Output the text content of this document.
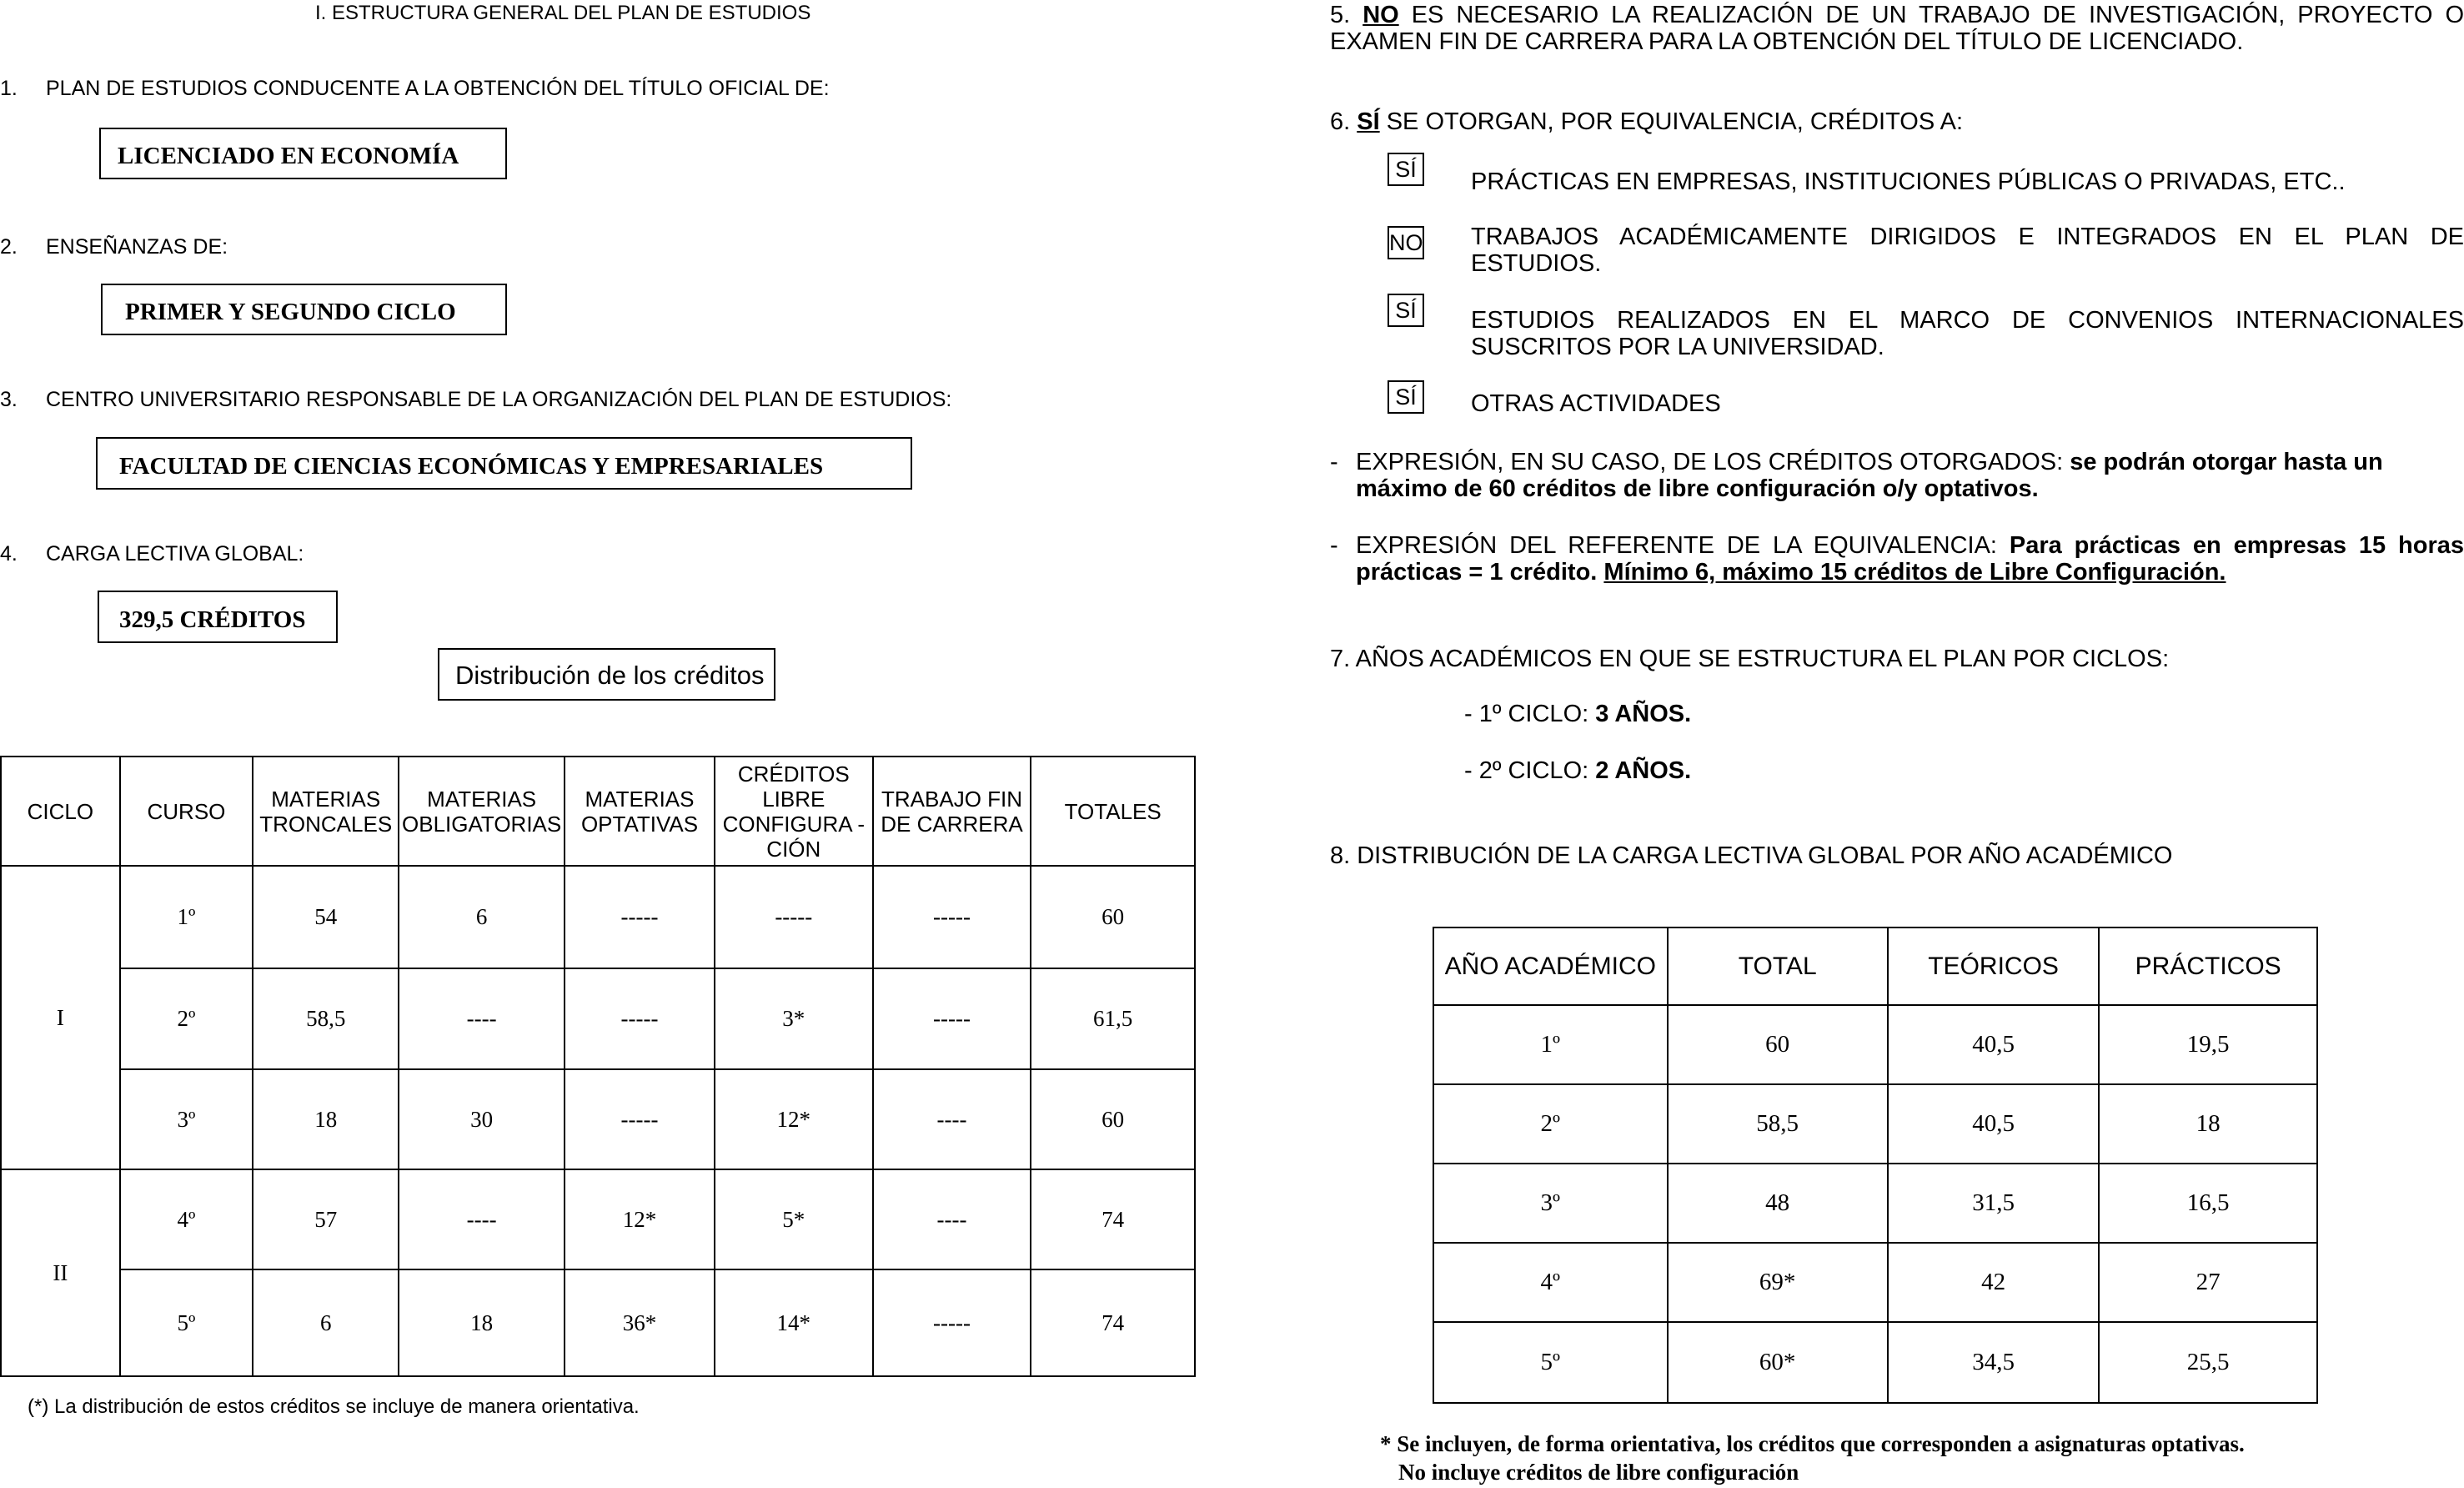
I. ESTRUCTURA GENERAL DEL PLAN DE ESTUDIOS
1. PLAN DE ESTUDIOS CONDUCENTE A LA OBTENCIÓN DEL TÍTULO OFICIAL DE:
LICENCIADO EN ECONOMÍA
2. ENSEÑANZAS DE:
PRIMER Y SEGUNDO CICLO
3. CENTRO UNIVERSITARIO RESPONSABLE DE LA ORGANIZACIÓN DEL PLAN DE ESTUDIOS:
FACULTAD DE CIENCIAS ECONÓMICAS Y EMPRESARIALES
4. CARGA LECTIVA GLOBAL:
329,5 CRÉDITOS
Distribución de los créditos
CICLO	CURSO	MATERIAS TRONCALES	MATERIAS OBLIGATORIAS	MATERIAS OPTATIVAS	CRÉDITOS LIBRE CONFIGURA -CIÓN	TRABAJO FIN DE CARRERA	TOTALES
I	1º	54	6	-----	-----	-----	60
	2º	58,5	----	-----	3*	-----	61,5
	3º	18	30	-----	12*	----	60
II	4º	57	----	12*	5*	----	74
	5º	6	18	36*	14*	-----	74
(*) La distribución de estos créditos se incluye de manera orientativa.
5. NO ES NECESARIO LA REALIZACIÓN DE UN TRABAJO DE INVESTIGACIÓN, PROYECTO O EXAMEN FIN DE CARRERA PARA LA OBTENCIÓN DEL TÍTULO DE LICENCIADO.
6. SÍ SE OTORGAN, POR EQUIVALENCIA, CRÉDITOS A:
SÍ	PRÁCTICAS EN EMPRESAS, INSTITUCIONES PÚBLICAS O PRIVADAS, ETC..
NO TRABAJOS ACADÉMICAMENTE DIRIGIDOS E INTEGRADOS EN EL PLAN DE ESTUDIOS.
SÍ	ESTUDIOS REALIZADOS EN EL MARCO DE CONVENIOS INTERNACIONALES SUSCRITOS POR LA UNIVERSIDAD.
SÍ	OTRAS ACTIVIDADES
- EXPRESIÓN, EN SU CASO, DE LOS CRÉDITOS OTORGADOS: se podrán otorgar hasta un máximo de 60 créditos de libre configuración o/y optativos.
- EXPRESIÓN DEL REFERENTE DE LA EQUIVALENCIA: Para prácticas en empresas 15 horas prácticas = 1 crédito. Mínimo 6, máximo 15 créditos de Libre Configuración.
7. AÑOS ACADÉMICOS EN QUE SE ESTRUCTURA EL PLAN POR CICLOS:
- 1º CICLO: 3 AÑOS.
- 2º CICLO: 2 AÑOS.
8. DISTRIBUCIÓN DE LA CARGA LECTIVA GLOBAL POR AÑO ACADÉMICO
AÑO ACADÉMICO	TOTAL	TEÓRICOS	PRÁCTICOS
1º	60	40,5	19,5
2º	58,5	40,5	18
3º	48	31,5	16,5
4º	69*	42	27
5º	60*	34,5	25,5
* Se incluyen, de forma orientativa, los créditos que corresponden a asignaturas optativas.
No incluye créditos de libre configuración
